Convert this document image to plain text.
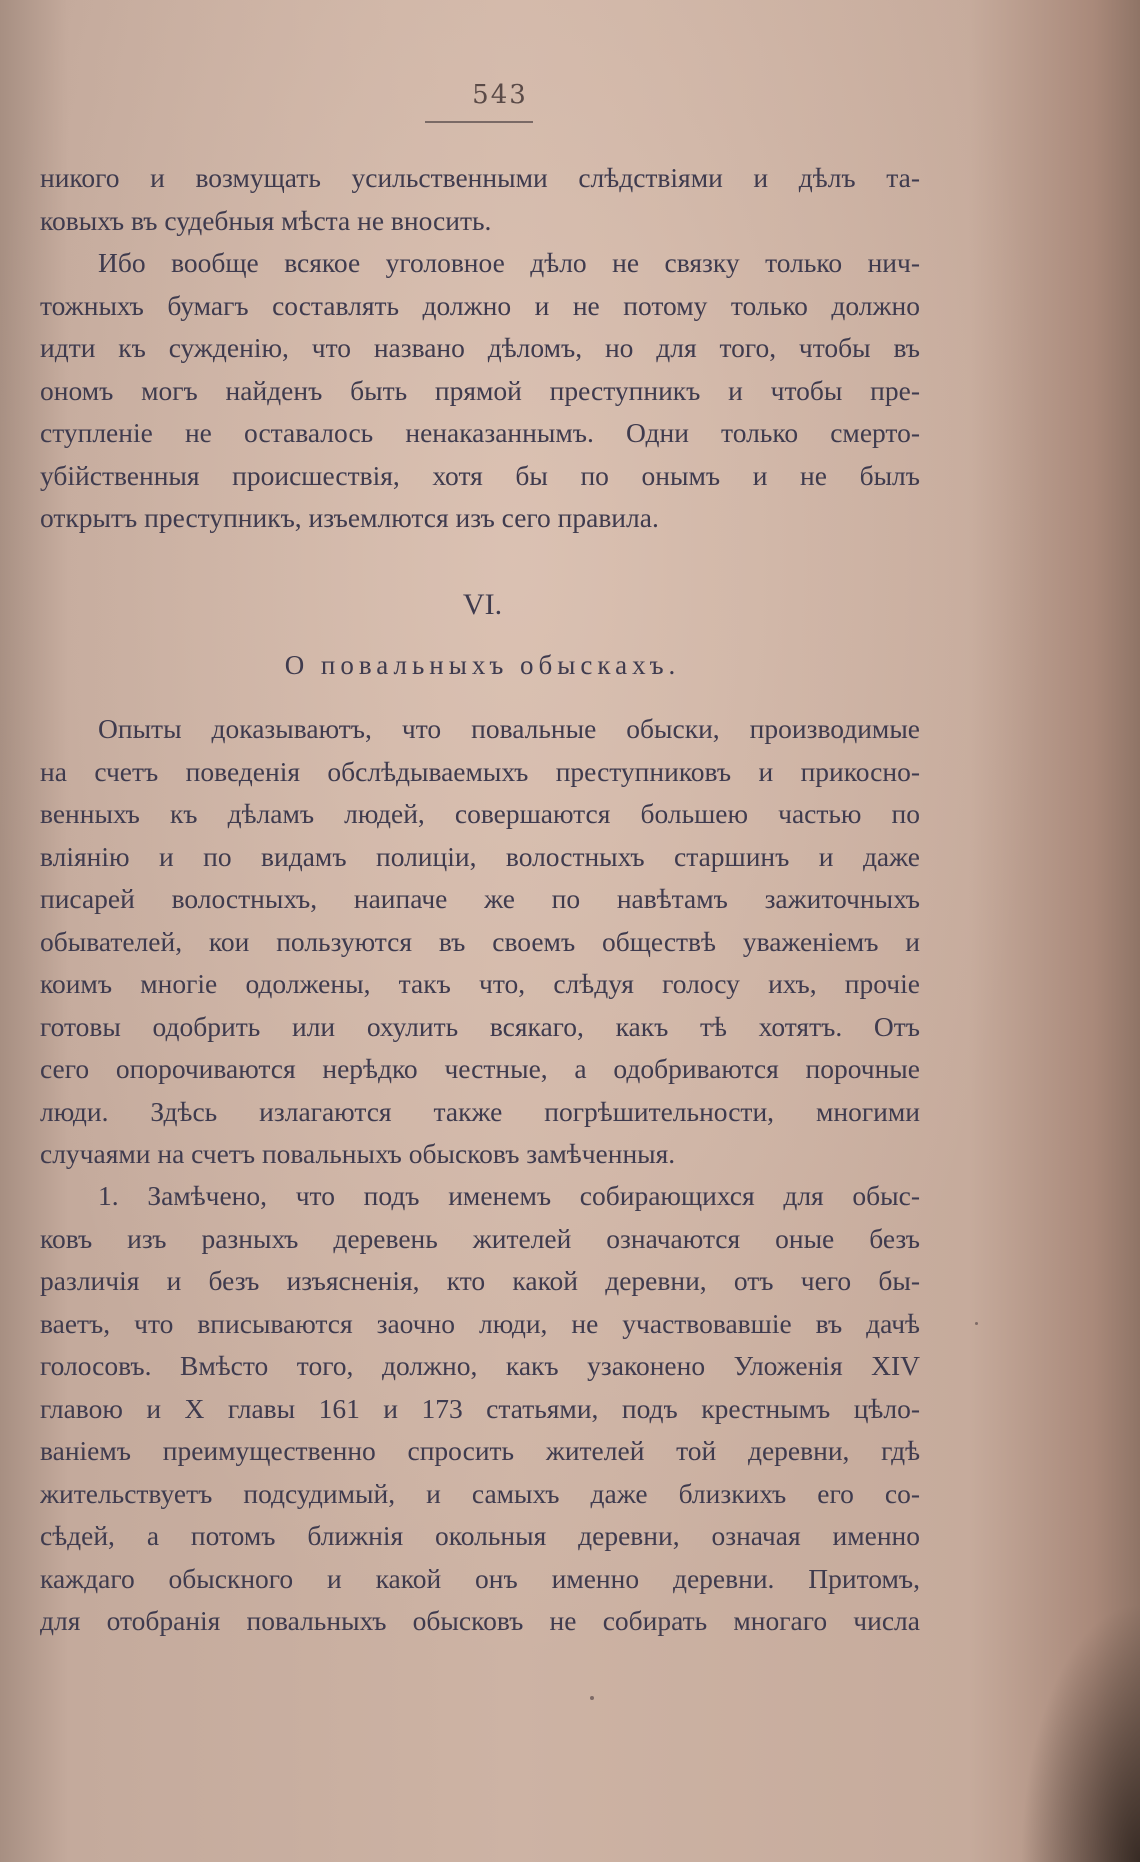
543
никого и возмущать усильственными слѣдствіями и дѣлъ та-
ковыхъ въ судебныя мѣста не вносить.
Ибо вообще всякое уголовное дѣло не связку только нич-
тожныхъ бумагъ составлять должно и не потому только должно
идти къ сужденію, что названо дѣломъ, но для того, чтобы въ
ономъ могъ найденъ быть прямой преступникъ и чтобы пре-
ступленіе не оставалось ненаказаннымъ. Одни только смерто-
убійственныя происшествія, хотя бы по онымъ и не былъ
открытъ преступникъ, изъемлются изъ сего правила.
VI.
О повальныхъ обыскахъ.
Опыты доказываютъ, что повальные обыски, производимые
на счетъ поведенія обслѣдываемыхъ преступниковъ и прикосно-
венныхъ къ дѣламъ людей, совершаются большею частью по
вліянію и по видамъ полиціи, волостныхъ старшинъ и даже
писарей волостныхъ, наипаче же по навѣтамъ зажиточныхъ
обывателей, кои пользуются въ своемъ обществѣ уваженіемъ и
коимъ многіе одолжены, такъ что, слѣдуя голосу ихъ, прочіе
готовы одобрить или охулить всякаго, какъ тѣ хотятъ. Отъ
сего опорочиваются нерѣдко честные, а одобриваются порочные
люди. Здѣсь излагаются также погрѣшительности, многими
случаями на счетъ повальныхъ обысковъ замѣченныя.
1. Замѣчено, что подъ именемъ собирающихся для обыс-
ковъ изъ разныхъ деревень жителей означаются оные безъ
различія и безъ изъясненія, кто какой деревни, отъ чего бы-
ваетъ, что вписываются заочно люди, не участвовавшіе въ дачѣ
голосовъ. Вмѣсто того, должно, какъ узаконено Уложенія XIV
главою и X главы 161 и 173 статьями, подъ крестнымъ цѣло-
ваніемъ преимущественно спросить жителей той деревни, гдѣ
жительствуетъ подсудимый, и самыхъ даже близкихъ его со-
сѣдей, а потомъ ближнія окольныя деревни, означая именно
каждаго обыскного и какой онъ именно деревни. Притомъ,
для отобранія повальныхъ обысковъ не собирать многаго числа
